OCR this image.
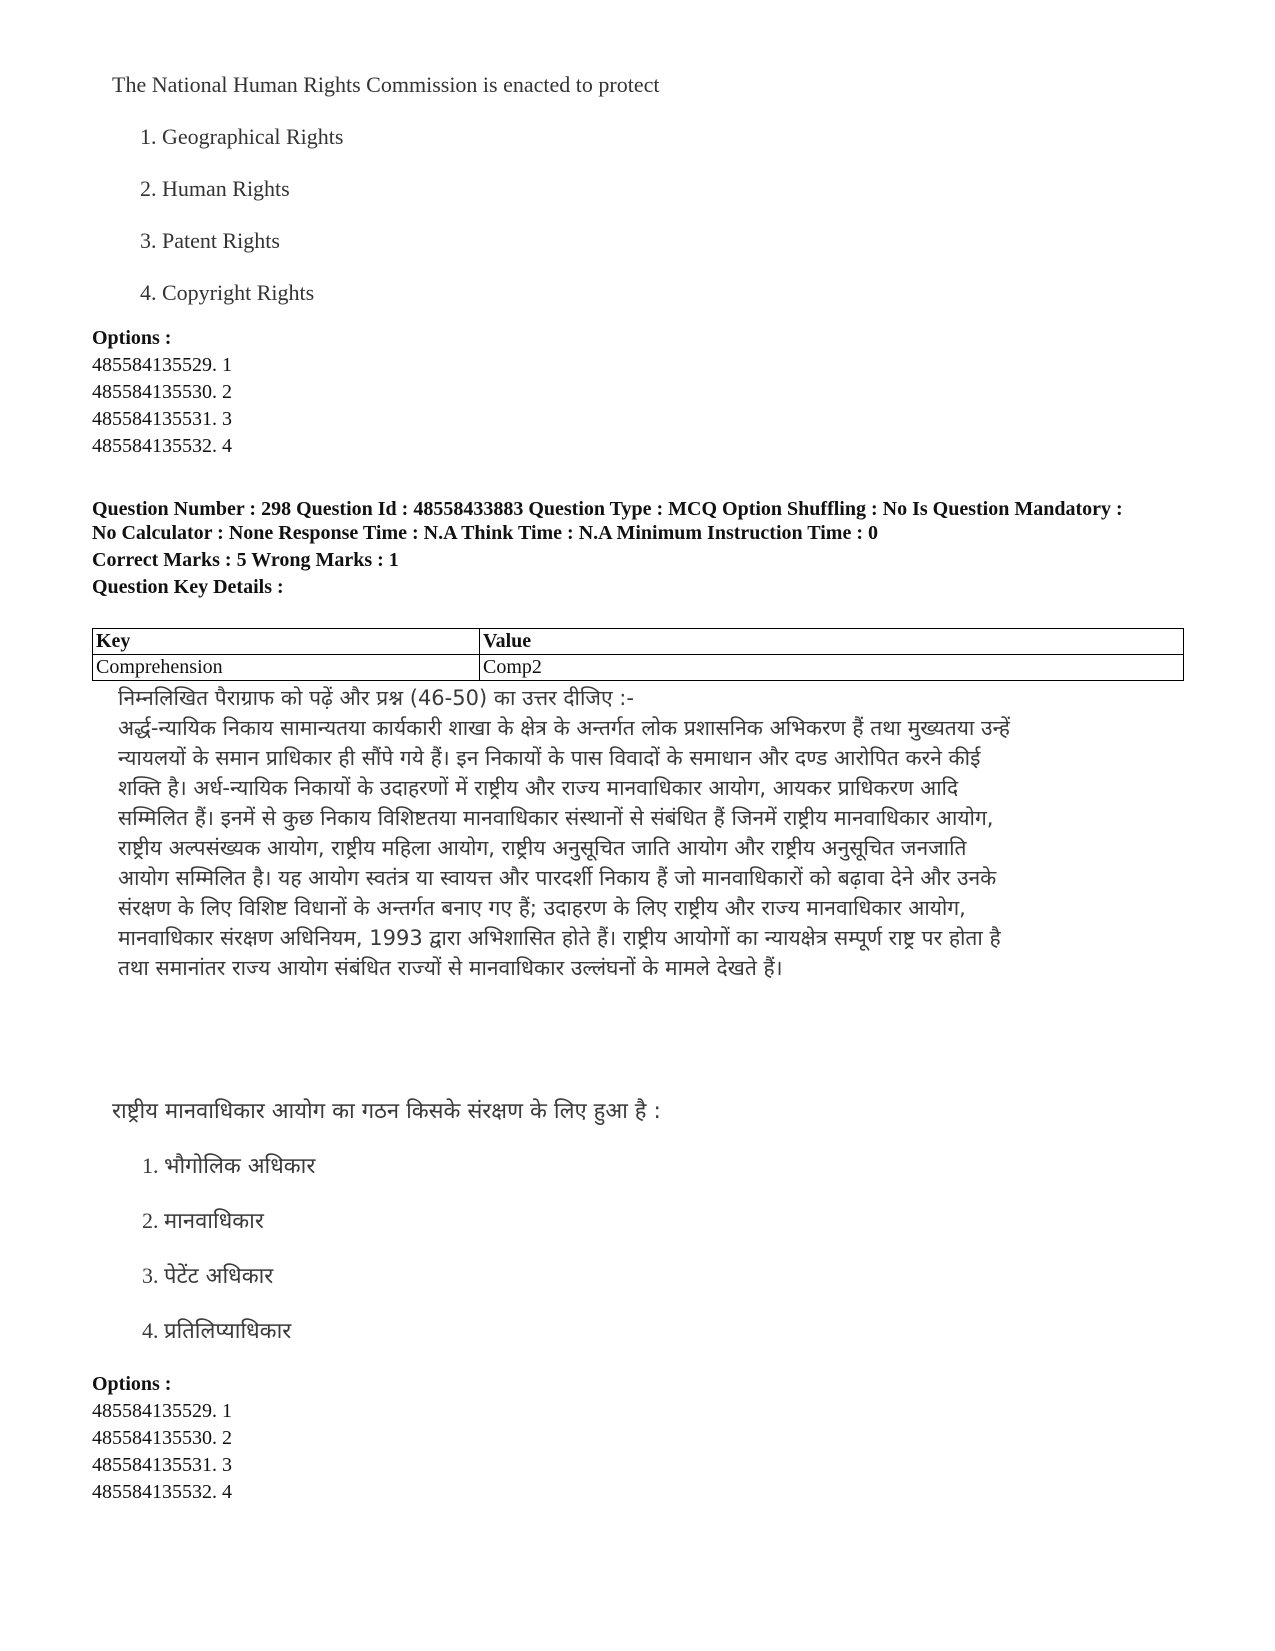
The National Human Rights Commission is enacted to protect
1. Geographical Rights
2. Human Rights
3. Patent Rights
4. Copyright Rights
Options :
485584135529. 1
485584135530. 2
485584135531. 3
485584135532. 4
Question Number : 298 Question Id : 48558433883 Question Type : MCQ Option Shuffling : No Is Question Mandatory :
No Calculator : None Response Time : N.A Think Time : N.A Minimum Instruction Time : 0
Correct Marks : 5 Wrong Marks : 1
Question Key Details :
Key	Value
Comprehension	Comp2
निम्नलिखित पैराग्राफ को पढ़ें और प्रश्न (46-50) का उत्तर दीजिए :-
अर्द्ध-न्यायिक निकाय सामान्यतया कार्यकारी शाखा के क्षेत्र के अन्तर्गत लोक प्रशासनिक अभिकरण हैं तथा मुख्यतया उन्हें
न्यायलयों के समान प्राधिकार ही सौंपे गये हैं। इन निकायों के पास विवादों के समाधान और दण्ड आरोपित करने कीई
शक्ति है। अर्ध-न्यायिक निकायों के उदाहरणों में राष्ट्रीय और राज्य मानवाधिकार आयोग, आयकर प्राधिकरण आदि
सम्मिलित हैं। इनमें से कुछ निकाय विशिष्टतया मानवाधिकार संस्थानों से संबंधित हैं जिनमें राष्ट्रीय मानवाधिकार आयोग,
राष्ट्रीय अल्पसंख्यक आयोग, राष्ट्रीय महिला आयोग, राष्ट्रीय अनुसूचित जाति आयोग और राष्ट्रीय अनुसूचित जनजाति
आयोग सम्मिलित है। यह आयोग स्वतंत्र या स्वायत्त और पारदर्शी निकाय हैं जो मानवाधिकारों को बढ़ावा देने और उनके
संरक्षण के लिए विशिष्ट विधानों के अन्तर्गत बनाए गए हैं; उदाहरण के लिए राष्ट्रीय और राज्य मानवाधिकार आयोग,
मानवाधिकार संरक्षण अधिनियम, 1993 द्वारा अभिशासित होते हैं। राष्ट्रीय आयोगों का न्यायक्षेत्र सम्पूर्ण राष्ट्र पर होता है
तथा समानांतर राज्य आयोग संबंधित राज्यों से मानवाधिकार उल्लंघनों के मामले देखते हैं।
राष्ट्रीय मानवाधिकार आयोग का गठन किसके संरक्षण के लिए हुआ है :
1. भौगोलिक अधिकार
2. मानवाधिकार
3. पेटेंट अधिकार
4. प्रतिलिप्याधिकार
Options :
485584135529. 1
485584135530. 2
485584135531. 3
485584135532. 4
